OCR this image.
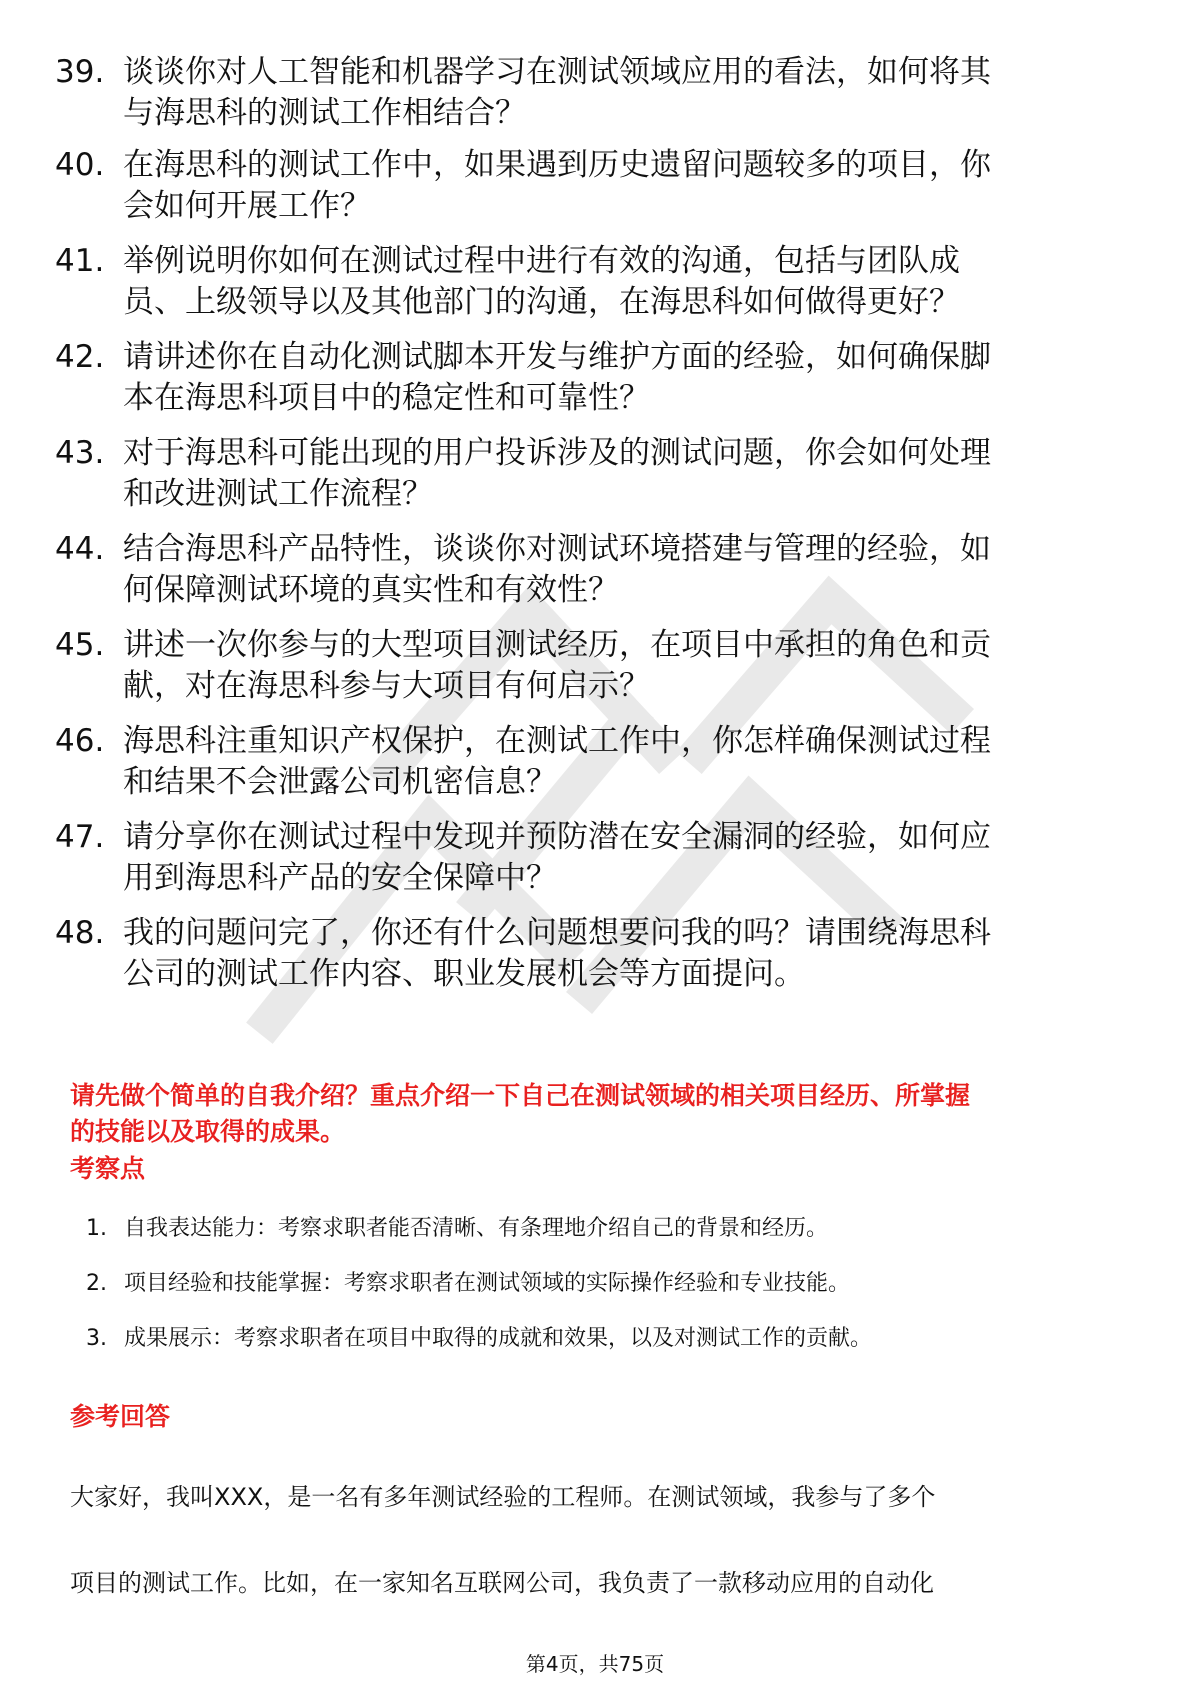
39. 谈谈你对人工智能和机器学习在测试领域应用的看法，如何将其
与海思科的测试工作相结合？
40. 在海思科的测试工作中，如果遇到历史遗留问题较多的项目，你
会如何开展工作？
41. 举例说明你如何在测试过程中进行有效的沟通，包括与团队成
员、上级领导以及其他部门的沟通，在海思科如何做得更好？
42. 请讲述你在自动化测试脚本开发与维护方面的经验，如何确保脚
本在海思科项目中的稳定性和可靠性？
43. 对于海思科可能出现的用户投诉涉及的测试问题，你会如何处理
和改进测试工作流程？
44. 结合海思科产品特性，谈谈你对测试环境搭建与管理的经验，如
何保障测试环境的真实性和有效性？
45. 讲述一次你参与的大型项目测试经历，在项目中承担的角色和贡
献，对在海思科参与大项目有何启示？
46. 海思科注重知识产权保护，在测试工作中，你怎样确保测试过程
和结果不会泄露公司机密信息？
47. 请分享你在测试过程中发现并预防潜在安全漏洞的经验，如何应
用到海思科产品的安全保障中？
48. 我的问题问完了，你还有什么问题想要问我的吗？请围绕海思科
公司的测试工作内容、职业发展机会等方面提问。
请先做个简单的自我介绍？重点介绍一下自己在测试领域的相关项目经历、所掌握
的技能以及取得的成果。
考察点
1. 自我表达能力：考察求职者能否清晰、有条理地介绍自己的背景和经历。
2. 项目经验和技能掌握：考察求职者在测试领域的实际操作经验和专业技能。
3. 成果展示：考察求职者在项目中取得的成就和效果，以及对测试工作的贡献。
参考回答
大家好，我叫XXX，是一名有多年测试经验的工程师。在测试领域，我参与了多个
项目的测试工作。比如，在一家知名互联网公司，我负责了一款移动应用的自动化
第4页，共75页
